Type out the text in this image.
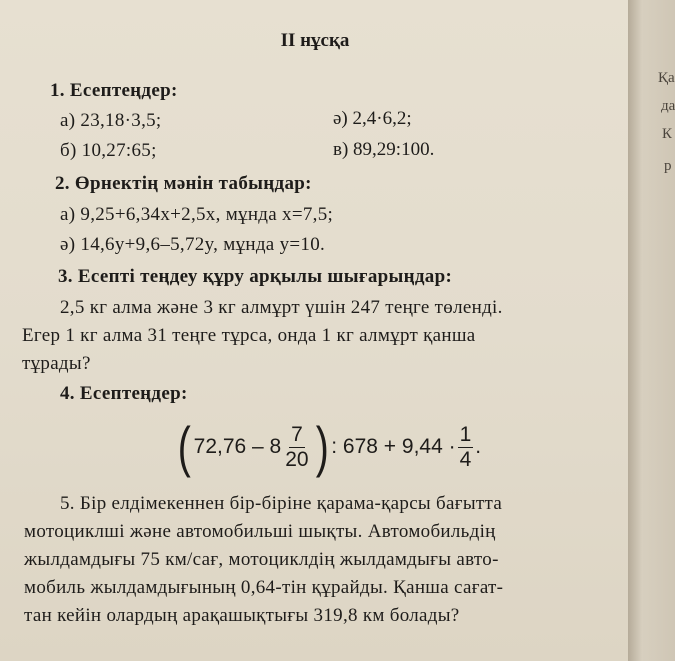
II нұсқа
1. Есептеңдер:
а) 23,18·3,5;	ә) 2,4·6,2;
б) 10,27:65;	в) 89,29:100.
2. Өрнектің мәнін табыңдар:
а) 9,25+6,34x+2,5x, мұнда x=7,5;
ә) 14,6y+9,6–5,72y, мұнда y=10.
3. Есепті теңдеу құру арқылы шығарыңдар:
2,5 кг алма және 3 кг алмұрт үшін 247 теңге төленді.
Егер 1 кг алма 31 теңге тұрса, онда 1 кг алмұрт қанша
тұрады?
4. Есептеңдер:
( $72,76 - 8 \frac{7}{20}$ ) : $678 + 9,44 \cdot \frac{1}{4}$ .
5. Бір елдімекеннен бір-біріне қарама-қарсы бағытта
мотоциклші және автомобильші шықты. Автомобильдің
жылдамдығы 75 км/сағ, мотоциклдің жылдамдығы авто-
мобиль жылдамдығының 0,64-тін құрайды. Қанша сағат-
тан кейін олардың арақашықтығы 319,8 км болады?
Қа
да
К
р
